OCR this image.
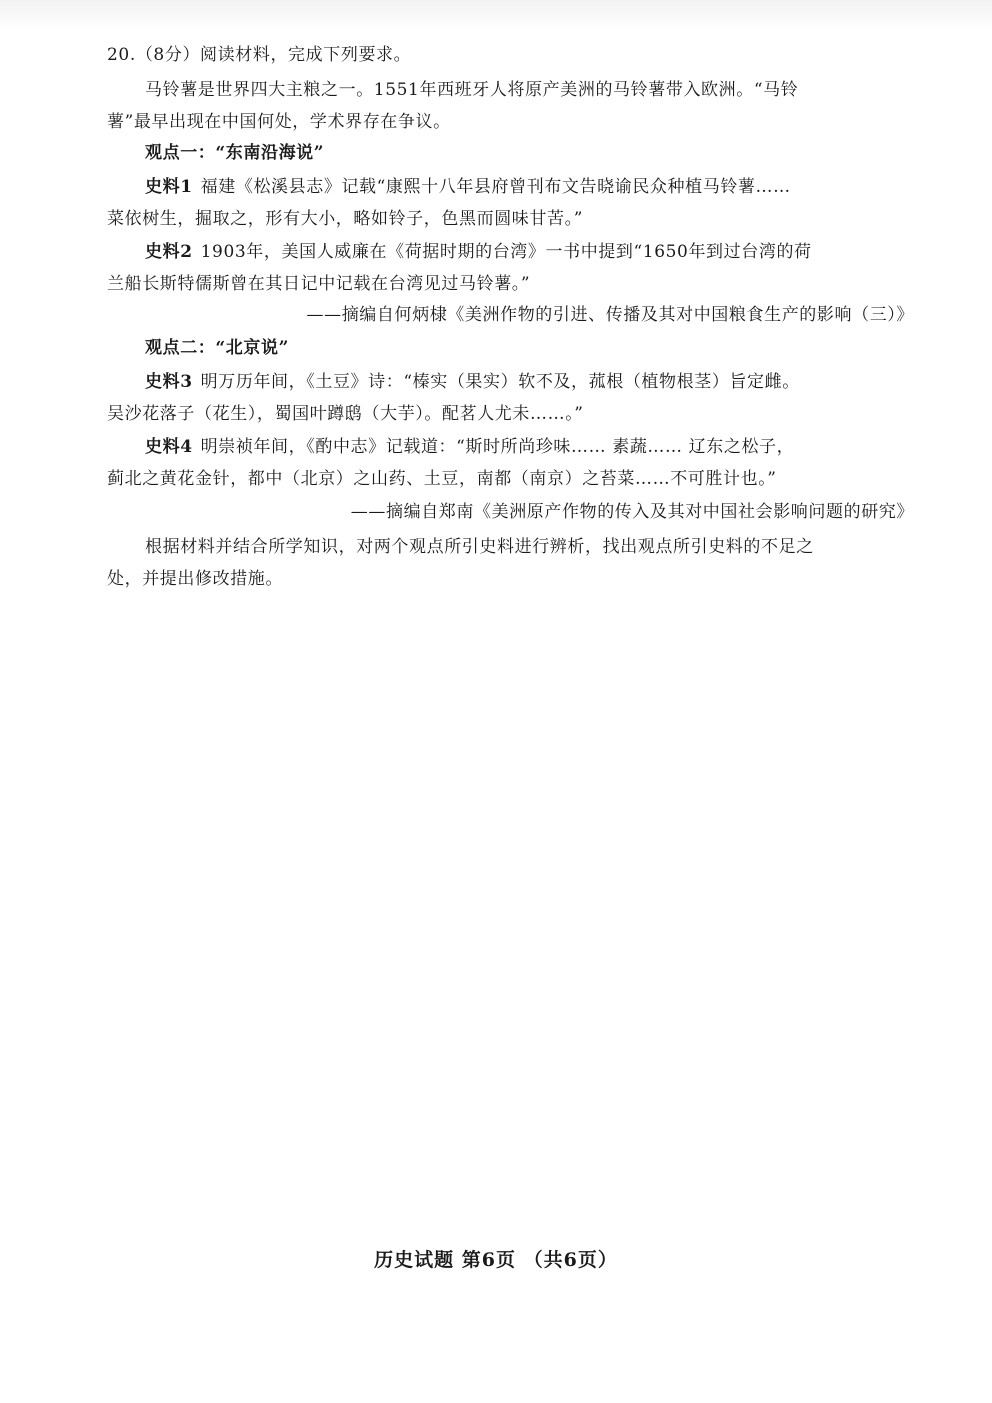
20.（8分）阅读材料，完成下列要求。
马铃薯是世界四大主粮之一。1551年西班牙人将原产美洲的马铃薯带入欧洲。“马铃
薯”最早出现在中国何处，学术界存在争议。
观点一：“东南沿海说”
史料1 福建《松溪县志》记载“康熙十八年县府曾刊布文告晓谕民众种植马铃薯……
菜依树生，掘取之，形有大小，略如铃子，色黑而圆味甘苦。”
史料2 1903年，美国人威廉在《荷据时期的台湾》一书中提到“1650年到过台湾的荷
兰船长斯特儒斯曾在其日记中记载在台湾见过马铃薯。”
——摘编自何炳棣《美洲作物的引进、传播及其对中国粮食生产的影响（三）》
观点二：“北京说”
史料3 明万历年间，《土豆》诗：“榛实（果实）软不及，菰根（植物根茎）旨定雌。
吴沙花落子（花生），蜀国叶蹲鸱（大芋）。配茗人尤未……。”
史料4 明崇祯年间，《酌中志》记载道：“斯时所尚珍味…… 素蔬…… 辽东之松子，
蓟北之黄花金针，都中（北京）之山药、土豆，南都（南京）之苔菜……不可胜计也。”
——摘编自郑南《美洲原产作物的传入及其对中国社会影响问题的研究》
根据材料并结合所学知识，对两个观点所引史料进行辨析，找出观点所引史料的不足之
处，并提出修改措施。
历史试题 第6页 （共6页）
